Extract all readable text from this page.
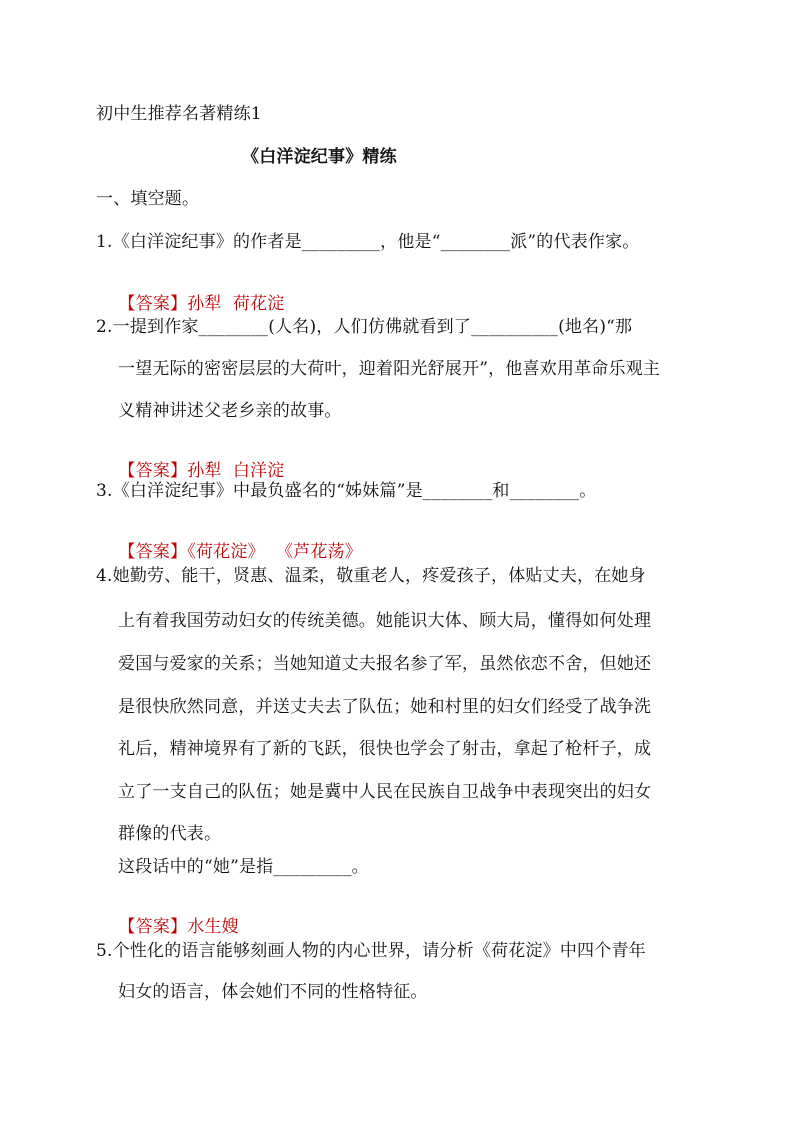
初中生推荐名著精练1
《白洋淀纪事》精练
一、填空题。
1.《白洋淀纪事》的作者是_________，他是“________派”的代表作家。

【答案】孙犁  荷花淀

2.一提到作家________(人名)，人们仿佛就看到了__________(地名)“那
一望无际的密密层层的大荷叶，迎着阳光舒展开”，他喜欢用革命乐观主
义精神讲述父老乡亲的故事。

【答案】孙犁  白洋淀

3.《白洋淀纪事》中最负盛名的“姊妹篇”是________和________。

【答案】《荷花淀》  《芦花荡》

4.她勤劳、能干，贤惠、温柔，敬重老人，疼爱孩子，体贴丈夫，在她身
上有着我国劳动妇女的传统美德。她能识大体、顾大局，懂得如何处理
爱国与爱家的关系；当她知道丈夫报名参了军，虽然依恋不舍，但她还
是很快欣然同意，并送丈夫去了队伍；她和村里的妇女们经受了战争洗
礼后，精神境界有了新的飞跃，很快也学会了射击，拿起了枪杆子，成
立了一支自己的队伍；她是冀中人民在民族自卫战争中表现突出的妇女
群像的代表。
这段话中的“她”是指_________。

【答案】水生嫂

5.个性化的语言能够刻画人物的内心世界，请分析《荷花淀》中四个青年
妇女的语言，体会她们不同的性格特征。
